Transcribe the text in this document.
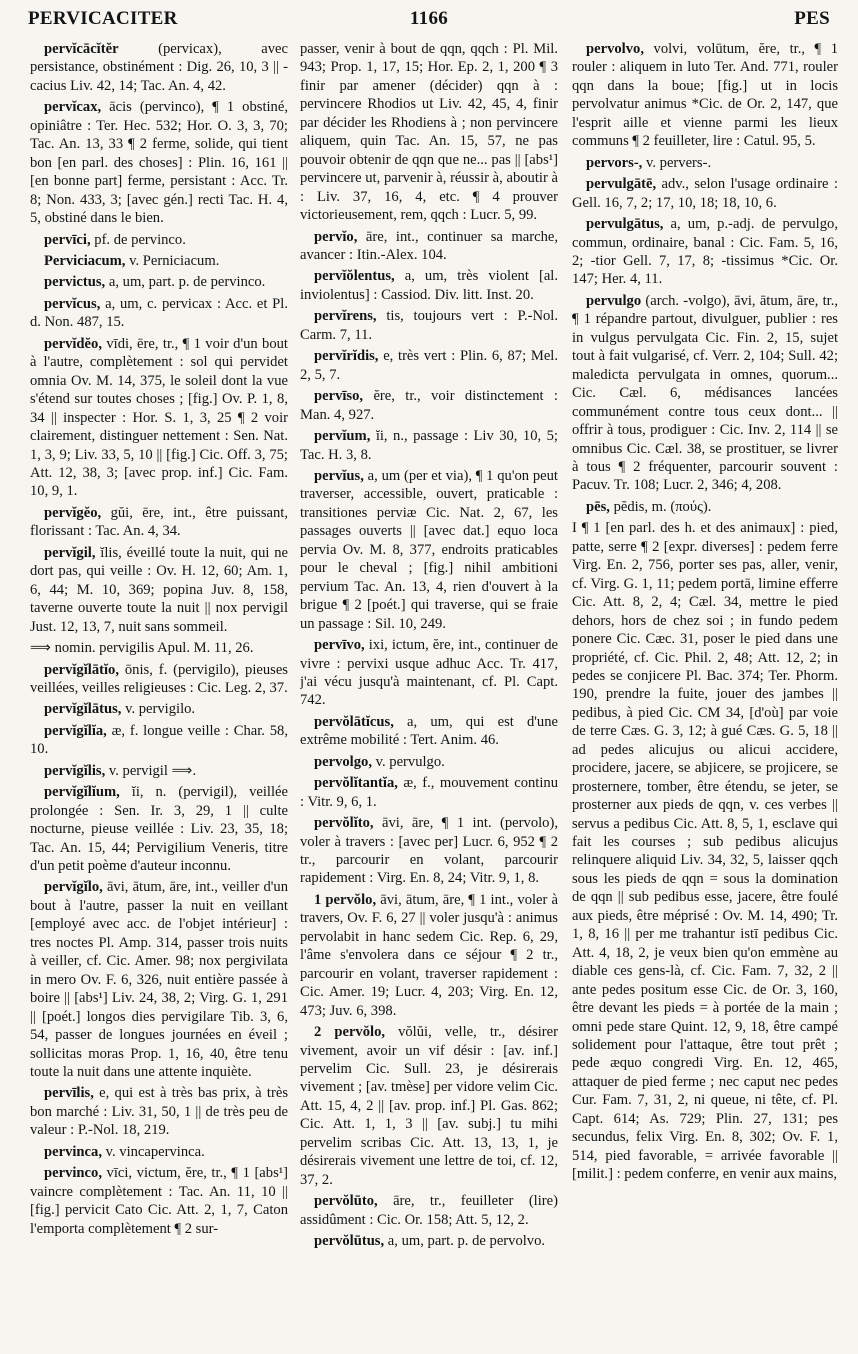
PERVICACITER	1166	PES

pervĭcācĭtĕr	(pervicax), avec persistance, obstinément : Dig. 26, 10, 3 || -cacius Liv. 42, 14; Tac. An. 4, 42.

pervĭcax, ācis (pervinco), ¶ 1 obstiné, opiniâtre : Ter. Hec. 532; Hor. O. 3, 3, 70; Tac. An. 13, 33 ¶ 2 ferme, solide, qui tient bon [en parl. des choses] : Plin. 16, 161 || [en bonne part] ferme, persistant : Acc. Tr. 8; Non. 433, 3; [avec gén.] recti Tac. H. 4, 5, obstiné dans le bien.

pervīci, pf. de pervinco.

Perviciacum, v. Perniciacum.

pervictus, a, um, part. p. de pervinco.

pervĭcus, a, um, c. pervicax : Acc. et Pl. d. Non. 487, 15.

pervĭdĕo, vīdi, ēre, tr., ¶ 1 voir d'un bout à l'autre, complètement : sol qui pervidet omnia Ov. M. 14, 375, le soleil dont la vue s'étend sur toutes choses ; [fig.] Ov. P. 1, 8, 34 || inspecter : Hor. S. 1, 3, 25 ¶ 2 voir clairement, distinguer nettement : Sen. Nat. 1, 3, 9; Liv. 33, 5, 10 || [fig.] Cic. Off. 3, 75; Att. 12, 38, 3; [avec prop. inf.] Cic. Fam. 10, 9, 1.

pervĭgĕo, gŭi, ēre, int., être puissant, florissant : Tac. An. 4, 34.

pervĭgil, ĭlis, éveillé toute la nuit, qui ne dort pas, qui veille : Ov. H. 12, 60; Am. 1, 6, 44; M. 10, 369; popina Juv. 8, 158, taverne ouverte toute la nuit || nox pervigil Just. 12, 13, 7, nuit sans sommeil.

⟹ nomin. pervigilis Apul. M. 11, 26.

pervĭgĭlātĭo, ōnis, f. (pervigilo), pieuses veillées, veilles religieuses : Cic. Leg. 2, 37.

pervĭgĭlātus, v. pervigilo.

pervĭgĭlĭa, æ, f. longue veille : Char. 58, 10.

pervĭgĭlis, v. pervigil ⟹.

pervĭgĭlĭum, ĭi, n. (pervigil), veillée prolongée : Sen. Ir. 3, 29, 1 || culte nocturne, pieuse veillée : Liv. 23, 35, 18; Tac. An. 15, 44; Pervigilium Veneris, titre d'un petit poème d'auteur inconnu.

pervĭgĭlo, āvi, ātum, āre, int., veiller d'un bout à l'autre, passer la nuit en veillant [employé avec acc. de l'objet intérieur] : tres noctes Pl. Amp. 314, passer trois nuits à veiller, cf. Cic. Amer. 98; nox pergivilata in mero Ov. F. 6, 326, nuit entière passée à boire || [abs¹] Liv. 24, 38, 2; Virg. G. 1, 291 || [poét.] longos dies pervigilare Tib. 3, 6, 54, passer de longues journées en éveil ; sollicitas moras Prop. 1, 16, 40, être tenu toute la nuit dans une attente inquiète.

pervīlis, e, qui est à très bas prix, à très bon marché : Liv. 31, 50, 1 || de très peu de valeur : P.-Nol. 18, 219.

pervinca, v. vincapervinca.

pervinco, vīci, victum, ĕre, tr., ¶ 1 [abs¹] vaincre complètement : Tac. An. 11, 10 || [fig.] pervicit Cato Cic. Att. 2, 1, 7, Caton l'emporta complètement ¶ 2 sur-

passer, venir à bout de qqn, qqch : Pl. Mil. 943; Prop. 1, 17, 15; Hor. Ep. 2, 1, 200 ¶ 3 finir par amener (décider) qqn à : pervincere Rhodios ut Liv. 42, 45, 4, finir par décider les Rhodiens à ; non pervincere aliquem, quin Tac. An. 15, 57, ne pas pouvoir obtenir de qqn que ne... pas || [abs¹] pervincere ut, parvenir à, réussir à, aboutir à : Liv. 37, 16, 4, etc. ¶ 4 prouver victorieusement, rem, qqch : Lucr. 5, 99.

pervĭo, āre, int., continuer sa marche, avancer : Itin.-Alex. 104.

pervĭŏlentus, a, um, très violent [al. inviolentus] : Cassiod. Div. litt. Inst. 20.

pervĭrens, tis, toujours vert : P.-Nol. Carm. 7, 11.

pervĭrĭdis, e, très vert : Plin. 6, 87; Mel. 2, 5, 7.

pervīso, ĕre, tr., voir distinctement : Man. 4, 927.

pervĭum, ĭi, n., passage : Liv 30, 10, 5; Tac. H. 3, 8.

pervĭus, a, um (per et via), ¶ 1 qu'on peut traverser, accessible, ouvert, praticable : transitiones perviæ Cic. Nat. 2, 67, les passages ouverts || [avec dat.] equo loca pervia Ov. M. 8, 377, endroits praticables pour le cheval ; [fig.] nihil ambitioni pervium Tac. An. 13, 4, rien d'ouvert à la brigue ¶ 2 [poét.] qui traverse, qui se fraie un passage : Sil. 10, 249.

pervīvo, ixi, ictum, ĕre, int., continuer de vivre : pervixi usque adhuc Acc. Tr. 417, j'ai vécu jusqu'à maintenant, cf. Pl. Capt. 742.

pervŏlātĭcus, a, um, qui est d'une extrême mobilité : Tert. Anim. 46.

pervolgo, v. pervulgo.

pervŏlĭtantĭa, æ, f., mouvement continu : Vitr. 9, 6, 1.

pervŏlĭto, āvi, āre, ¶ 1 int. (pervolo), voler à travers : [avec per] Lucr. 6, 952 ¶ 2 tr., parcourir en volant, parcourir rapidement : Virg. En. 8, 24; Vitr. 9, 1, 8.

1 pervŏlo, āvi, ātum, āre, ¶ 1 int., voler à travers, Ov. F. 6, 27 || voler jusqu'à : animus pervolabit in hanc sedem Cic. Rep. 6, 29, l'âme s'envolera dans ce séjour ¶ 2 tr., parcourir en volant, traverser rapidement : Cic. Amer. 19; Lucr. 4, 203; Virg. En. 12, 473; Juv. 6, 398.

2 pervŏlo, vŏlŭi, velle, tr., désirer vivement, avoir un vif désir : [av. inf.] pervelim Cic. Sull. 23, je désirerais vivement ; [av. tmèse] per vidore velim Cic. Att. 15, 4, 2 || [av. prop. inf.] Pl. Gas. 862; Cic. Att. 1, 1, 3 || [av. subj.] tu mihi pervelim scribas Cic. Att. 13, 13, 1, je désirerais vivement une lettre de toi, cf. 12, 37, 2.

pervŏlūto, āre, tr., feuilleter (lire) assidûment : Cic. Or. 158; Att. 5, 12, 2.

pervŏlūtus, a, um, part. p. de pervolvo.

pervolvo, volvi, volūtum, ĕre, tr., ¶ 1 rouler : aliquem in luto Ter. And. 771, rouler qqn dans la boue; [fig.] ut in locis pervolvatur animus *Cic. de Or. 2, 147, que l'esprit aille et vienne parmi les lieux communs ¶ 2 feuilleter, lire : Catul. 95, 5.

pervors-, v. pervers-.

pervulgātē, adv., selon l'usage ordinaire : Gell. 16, 7, 2; 17, 10, 18; 18, 10, 6.

pervulgātus, a, um, p.-adj. de pervulgo, commun, ordinaire, banal : Cic. Fam. 5, 16, 2; -tior Gell. 7, 17, 8; -tissimus *Cic. Or. 147; Her. 4, 11.

pervulgo (arch. -volgo), āvi, ātum, āre, tr., ¶ 1 répandre partout, divulguer, publier : res in vulgus pervulgata Cic. Fin. 2, 15, sujet tout à fait vulgarisé, cf. Verr. 2, 104; Sull. 42; maledicta pervulgata in omnes, quorum... Cic. Cæl. 6, médisances lancées communément contre tous ceux dont... || offrir à tous, prodiguer : Cic. Inv. 2, 114 || se omnibus Cic. Cæl. 38, se prostituer, se livrer à tous ¶ 2 fréquenter, parcourir souvent : Pacuv. Tr. 108; Lucr. 2, 346; 4, 208.

pēs, pĕdis, m. (πούς).

I ¶ 1 [en parl. des h. et des animaux] : pied, patte, serre ¶ 2 [expr. diverses] : pedem ferre Virg. En. 2, 756, porter ses pas, aller, venir, cf. Virg. G. 1, 11; pedem portā, limine efferre Cic. Att. 8, 2, 4; Cæl. 34, mettre le pied dehors, hors de chez soi ; in fundo pedem ponere Cic. Cæc. 31, poser le pied dans une propriété, cf. Cic. Phil. 2, 48; Att. 12, 2; in pedes se conjicere Pl. Bac. 374; Ter. Phorm. 190, prendre la fuite, jouer des jambes || pedibus, à pied Cic. CM 34, [d'où] par voie de terre Cæs. G. 3, 12; à gué Cæs. G. 5, 18 || ad pedes alicujus ou alicui accidere, procidere, jacere, se abjicere, se projicere, se prosternere, tomber, être étendu, se jeter, se prosterner aux pieds de qqn, v. ces verbes || servus a pedibus Cic. Att. 8, 5, 1, esclave qui fait les courses ; sub pedibus alicujus relinquere aliquid Liv. 34, 32, 5, laisser qqch sous les pieds de qqn = sous la domination de qqn || sub pedibus esse, jacere, être foulé aux pieds, être méprisé : Ov. M. 14, 490; Tr. 1, 8, 16 || per me trahantur istī pedibus Cic. Att. 4, 18, 2, je veux bien qu'on emmène au diable ces gens-là, cf. Cic. Fam. 7, 32, 2 || ante pedes positum esse Cic. de Or. 3, 160, être devant les pieds = à portée de la main ; omni pede stare Quint. 12, 9, 18, être campé solidement pour l'attaque, être tout prêt ; pede æquo congredi Virg. En. 12, 465, attaquer de pied ferme ; nec caput nec pedes Cur. Fam. 7, 31, 2, ni queue, ni tête, cf. Pl. Capt. 614; As. 729; Plin. 27, 131; pes secundus, felix Virg. En. 8, 302; Ov. F. 1, 514, pied favorable, = arrivée favorable || [milit.] : pedem conferre, en venir aux mains,
